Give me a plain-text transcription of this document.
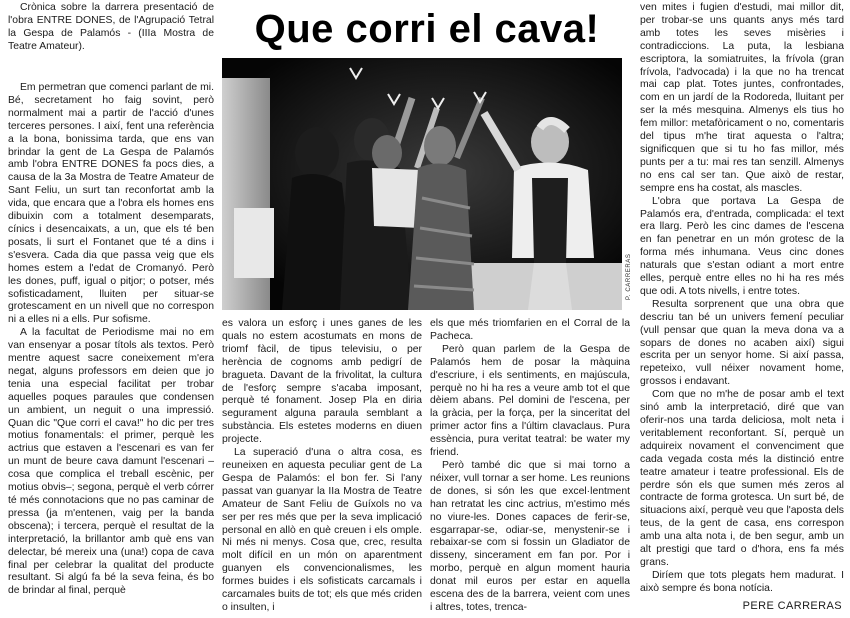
Crònica sobre la darrera presentació de l'obra ENTRE DONES, de l'Agrupació Tetral la Gespa de Palamós - (IIIa Mostra de Teatre Amateur).

Em permetran que comenci parlant de mi. Bé, secretament ho faig sovint, però normalment mai a partir de l'acció d'unes terceres persones. I així, fent una referència a la bona, bonissima tarda, que ens van brindar la gent de La Gespa de Palamós amb l'obra ENTRE DONES fa pocs dies, a causa de la 3a Mostra de Teatre Amateur de Sant Feliu, un surt tan reconfortat amb la vida, que encara que a l'obra els homes ens dibuixin com a totalment desemparats, cínics i desencaixats, a un, que els té ben posats, li surt el Fontanet que té a dins i s'esvera. Cada dia que passa veig que els homes estem a l'edat de Cromanyó. Però les dones, puff, igual o pitjor; o potser, més sofisticadament, lluiten per situar-se grotescament en un nivell que no correspon ni a elles ni a ells. Pur sofisme.

A la facultat de Periodisme mai no em van ensenyar a posar títols als textos. Però mentre aquest sacre coneixement m'era negat, alguns professors em deien que jo tenia una especial facilitat per trobar aquelles poques paraules que condensen un ambient, un neguit o una impressió. Quan dic "Que corri el cava!" ho dic per tres motius fonamentals: el primer, perquè les actrius que estaven a l'escenari es van fer un munt de beure cava damunt l'escenari –cosa que complica el treball escènic, per motius obvis–; segona, perquè el verb córrer té més connotacions que no pas caminar de pressa (ja m'entenen, vaig per la banda obscena); i tercera, perquè el resultat de la interpretació, la brillantor amb què ens van delectar, bé mereix una (una!) copa de cava final per celebrar la qualitat del producte resultant. Si algú fa bé la seva feina, és bo de brindar al final, perquè

Que corri el cava!
P. CARRERAS

es valora un esforç i unes ganes de les quals no estem acostumats en mons de triomf fàcil, de tipus televisiu, o per herència de cognoms amb pedigrí de bragueta. Davant de la frivolitat, la cultura de l'esforç sempre s'acaba imposant, perquè té fonament. Josep Pla en diria segurament alguna paraula semblant a substància. Els estetes moderns en diuen projecte.

La superació d'una o altra cosa, es reuneixen en aquesta peculiar gent de La Gespa de Palamós: el bon fer. Si l'any passat van guanyar la IIa Mostra de Teatre Amateur de Sant Feliu de Guíxols no va ser per res més que per la seva implicació personal en allò en què creuen i els omple. Ni més ni menys. Cosa que, crec, resulta molt difícil en un món on aparentment guanyen els convencionalismes, les formes buides i els sofisticats carcamals i carcamales buits de tot; els que més criden o insulten, i

els que més triomfarien en el Corral de la Pacheca.

Però quan parlem de la Gespa de Palamós hem de posar la màquina d'escriure, i els sentiments, en majúscula, perquè no hi ha res a veure amb tot el que dèiem abans. Pel domini de l'escena, per la gràcia, per la força, per la sinceritat del primer actor fins a l'últim clavaclaus. Pura essència, pura veritat teatral: be water my friend.

Però també dic que si mai torno a néixer, vull tornar a ser home. Les reunions de dones, si són les que excel·lentment han retratat les cinc actrius, m'estimo més no viure-les. Dones capaces de ferir-se, esgarrapar-se, odiar-se, menystenir-se i rebaixar-se com si fossin un Gladiator de disseny, sincerament em fan por. Por i morbo, perquè en algun moment hauria donat mil euros per estar en aquella escena des de la barrera, veient com unes i altres, totes, trenca-

ven mites i fugien d'estudi, mai millor dit, per trobar-se uns quants anys més tard amb totes les seves misèries i contradiccions. La puta, la lesbiana escriptora, la somiatruites, la frívola (gran frívola, l'advocada) i la que no ha trencat mai cap plat. Totes juntes, confrontades, com en un jardí de la Rodoreda, lluitant per ser la més mesquina. Almenys els tius ho fem millor: metafòricament o no, comentaris del tipus m'he tirat aquesta o l'altra; significquen que si tu ho fas millor, més punts per a tu: mai res tan senzill. Almenys no ens cal ser tan. Que això de restar, sempre ens ha costat, als mascles.

L'obra que portava La Gespa de Palamós era, d'entrada, complicada: el text era llarg. Però les cinc dames de l'escena en fan penetrar en un món grotesc de la forma més inhumana. Veus cinc dones naturals que s'estan odiant a mort entre elles, perquè entre elles no hi ha res més que odi. A tots nivells, i entre totes.

Resulta sorprenent que una obra que descriu tan bé un univers femení peculiar (vull pensar que quan la meva dona va a sopars de dones no acaben així) sigui escrita per un senyor home. Si així passa, repeteixo, vull néixer novament home, grossos i endavant.

Com que no m'he de posar amb el text sinó amb la interpretació, diré que van oferir-nos una tarda deliciosa, molt neta i veritablement reconfortant. Sí, perquè un adquireix novament el convenciment que cada vegada costa més la distinció entre teatre amateur i teatre professional. Els de perdre són els que sumen més zeros al contracte de forma grotesca. Un surt bé, de situacions així, perquè veu que l'aposta dels teus, de la gent de casa, ens correspon amb una alta nota i, de ben segur, amb un alt prestigi que tard o d'hora, ens fa més grans.

Diríem que tots plegats hem madurat. I això sempre és bona notícia.

PERE CARRERAS
